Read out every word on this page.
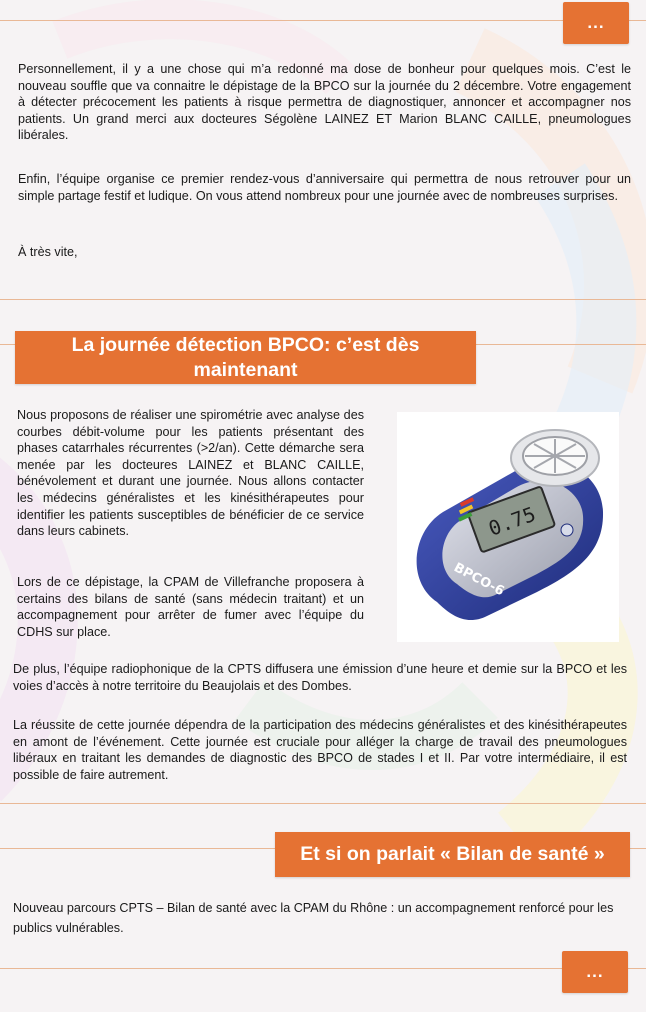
...

Personnellement, il y a une chose qui m’a redonné ma dose de bonheur pour quelques mois. C’est le nouveau souffle que va connaitre le dépistage de la BPCO sur la journée du 2 décembre. Votre engagement à détecter précocement les patients à risque permettra de diagnostiquer, annoncer et accompagner nos patients. Un grand merci aux docteures Ségolène LAINEZ ET Marion BLANC CAILLE, pneumologues libérales.

Enfin, l’équipe organise ce premier rendez-vous d’anniversaire qui permettra de nous retrouver pour un simple partage festif et ludique. On vous attend nombreux pour une journée avec de nombreuses surprises.

À très vite,

La journée détection BPCO: c’est dès maintenant

Nous proposons de réaliser une spirométrie avec analyse des courbes débit-volume pour les patients présentant des phases catarrhales récurrentes (>2/an). Cette démarche sera menée par les docteures LAINEZ et BLANC CAILLE, bénévolement et durant une journée. Nous allons contacter les médecins généralistes et les kinésithérapeutes pour identifier les patients susceptibles de bénéficier de ce service dans leurs cabinets.

Lors de ce dépistage, la CPAM de Villefranche proposera à certains des bilans de santé (sans médecin traitant) et un accompagnement pour arrêter de fumer avec l’équipe du CDHS sur place.

0.75
BPCO-6

De plus, l’équipe radiophonique de la CPTS diffusera une émission d’une heure et demie sur la BPCO et les voies d’accès à notre territoire du Beaujolais et des Dombes.

La réussite de cette journée dépendra de la participation des médecins généralistes et des kinésithérapeutes en amont de l’événement. Cette journée est cruciale pour alléger la charge de travail des pneumologues libéraux en traitant les demandes de diagnostic des BPCO de stades I et II. Par votre intermédiaire, il est possible de faire autrement.

Et si on parlait « Bilan de santé »

Nouveau parcours CPTS – Bilan de santé avec la CPAM du Rhône : un accompagnement renforcé pour les publics vulnérables.

...
